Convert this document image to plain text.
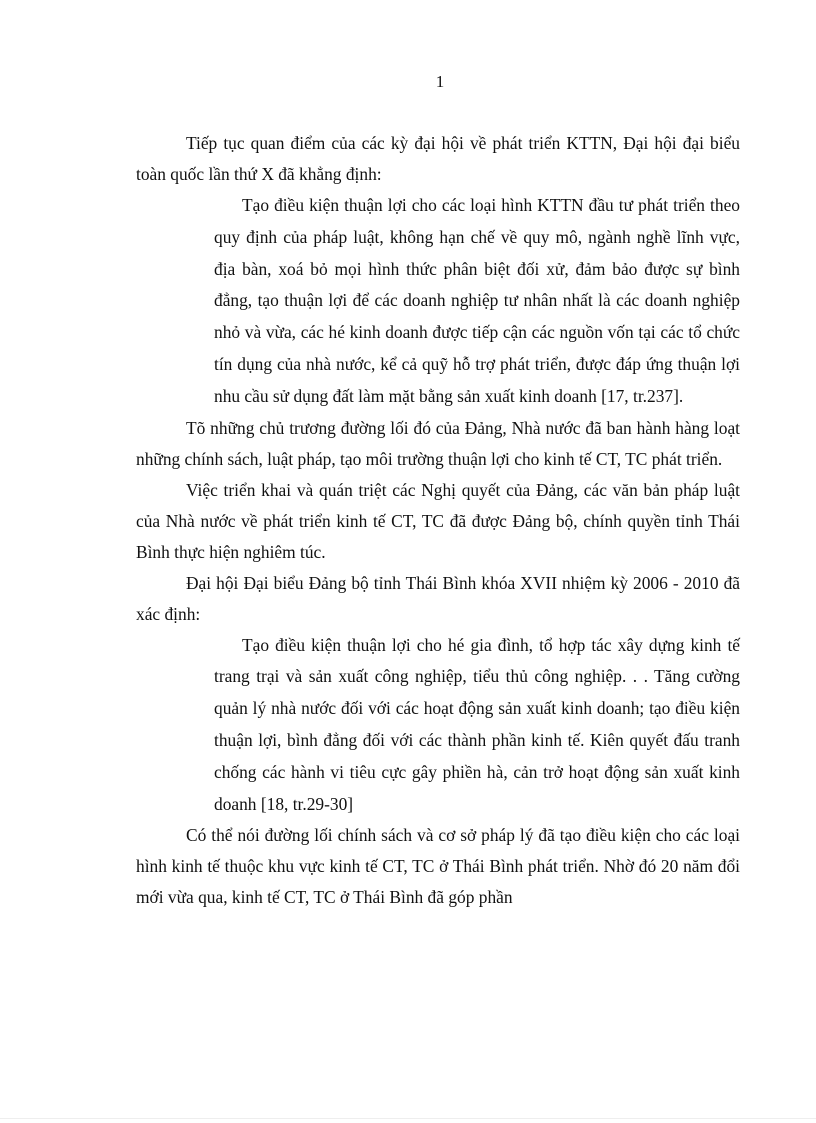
1

Tiếp tục quan điểm của các kỳ đại hội về phát triển KTTN, Đại hội đại biểu toàn quốc lần thứ X đã khẳng định:

Tạo điều kiện thuận lợi cho các loại hình KTTN đầu tư phát triển theo quy định của pháp luật, không hạn chế về quy mô, ngành nghề lĩnh vực, địa bàn, xoá bỏ mọi hình thức phân biệt đối xử, đảm bảo được sự bình đẳng, tạo thuận lợi để các doanh nghiệp tư nhân nhất là các doanh nghiệp nhỏ và vừa, các hé kinh doanh được tiếp cận các nguồn vốn tại các tổ chức tín dụng của nhà nước, kể cả quỹ hỗ trợ phát triển, được đáp ứng thuận lợi nhu cầu sử dụng đất làm mặt bằng sản xuất kinh doanh [17, tr.237].

Tõ những chủ trương đường lối đó của Đảng, Nhà nước đã ban hành hàng loạt những chính sách, luật pháp, tạo môi trường thuận lợi cho kinh tế CT, TC phát triển.

Việc triển khai và quán triệt các Nghị quyết của Đảng, các văn bản pháp luật của Nhà nước về phát triển kinh tế CT, TC đã được Đảng bộ, chính quyền tỉnh Thái Bình thực hiện nghiêm túc.

Đại hội Đại biểu Đảng bộ tỉnh Thái Bình khóa XVII nhiệm kỳ 2006 - 2010 đã xác định:

Tạo điều kiện thuận lợi cho hé gia đình, tổ hợp tác xây dựng kinh tế trang trại và sản xuất công nghiệp, tiểu thủ công nghiệp. . . Tăng cường quản lý nhà nước đối với các hoạt động sản xuất kinh doanh; tạo điều kiện thuận lợi, bình đẳng đối với các thành phần kinh tế. Kiên quyết đấu tranh chống các hành vi tiêu cực gây phiền hà, cản trở hoạt động sản xuất kinh doanh [18, tr.29-30]

Có thể nói đường lối chính sách và cơ sở pháp lý đã tạo điều kiện cho các loại hình kinh tế thuộc khu vực kinh tế CT, TC ở Thái Bình phát triển. Nhờ đó 20 năm đổi mới vừa qua, kinh tế CT, TC ở Thái Bình đã góp phần
